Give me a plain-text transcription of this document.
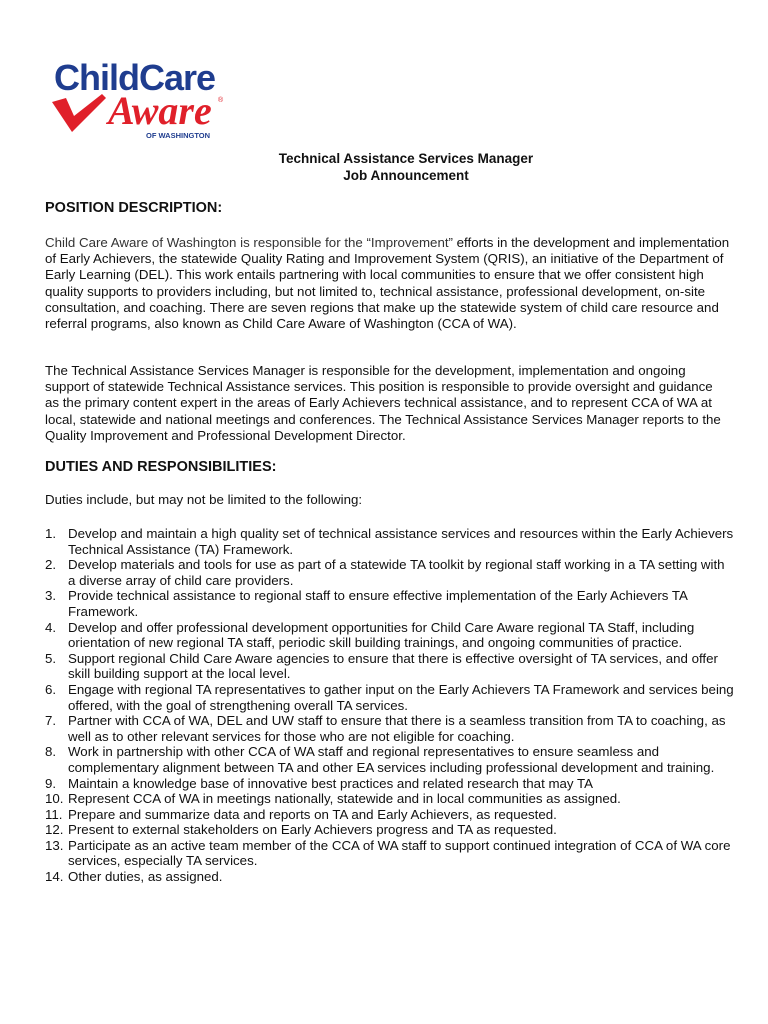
ChildCare
Aware ®
OF WASHINGTON
Technical Assistance Services Manager
Job Announcement
POSITION DESCRIPTION:

Child Care Aware of Washington is responsible for the “Improvement” efforts in the development and implementation of Early Achievers, the statewide Quality Rating and Improvement System (QRIS), an initiative of the Department of Early Learning (DEL). This work entails partnering with local communities to ensure that we offer consistent high quality supports to providers including, but not limited to, technical assistance, professional development, on-site consultation, and coaching. There are seven regions that make up the statewide system of child care resource and referral programs, also known as Child Care Aware of Washington (CCA of WA).

The Technical Assistance Services Manager is responsible for the development, implementation and ongoing support of statewide Technical Assistance services. This position is responsible to provide oversight and guidance as the primary content expert in the areas of Early Achievers technical assistance, and to represent CCA of WA at local, statewide and national meetings and conferences. The Technical Assistance Services Manager reports to the Quality Improvement and Professional Development Director.

DUTIES AND RESPONSIBILITIES:

Duties include, but may not be limited to the following:

1. Develop and maintain a high quality set of technical assistance services and resources within the Early Achievers Technical Assistance (TA) Framework.
2. Develop materials and tools for use as part of a statewide TA toolkit by regional staff working in a TA setting with a diverse array of child care providers.
3. Provide technical assistance to regional staff to ensure effective implementation of the Early Achievers TA Framework.
4. Develop and offer professional development opportunities for Child Care Aware regional TA Staff, including orientation of new regional TA staff, periodic skill building trainings, and ongoing communities of practice.
5. Support regional Child Care Aware agencies to ensure that there is effective oversight of TA services, and offer skill building support at the local level.
6. Engage with regional TA representatives to gather input on the Early Achievers TA Framework and services being offered, with the goal of strengthening overall TA services.
7. Partner with CCA of WA, DEL and UW staff to ensure that there is a seamless transition from TA to coaching, as well as to other relevant services for those who are not eligible for coaching.
8. Work in partnership with other CCA of WA staff and regional representatives to ensure seamless and complementary alignment between TA and other EA services including professional development and training.
9. Maintain a knowledge base of innovative best practices and related research that may TA
10. Represent CCA of WA in meetings nationally, statewide and in local communities as assigned.
11. Prepare and summarize data and reports on TA and Early Achievers, as requested.
12. Present to external stakeholders on Early Achievers progress and TA as requested.
13. Participate as an active team member of the CCA of WA staff to support continued integration of CCA of WA core services, especially TA services.
14. Other duties, as assigned.
